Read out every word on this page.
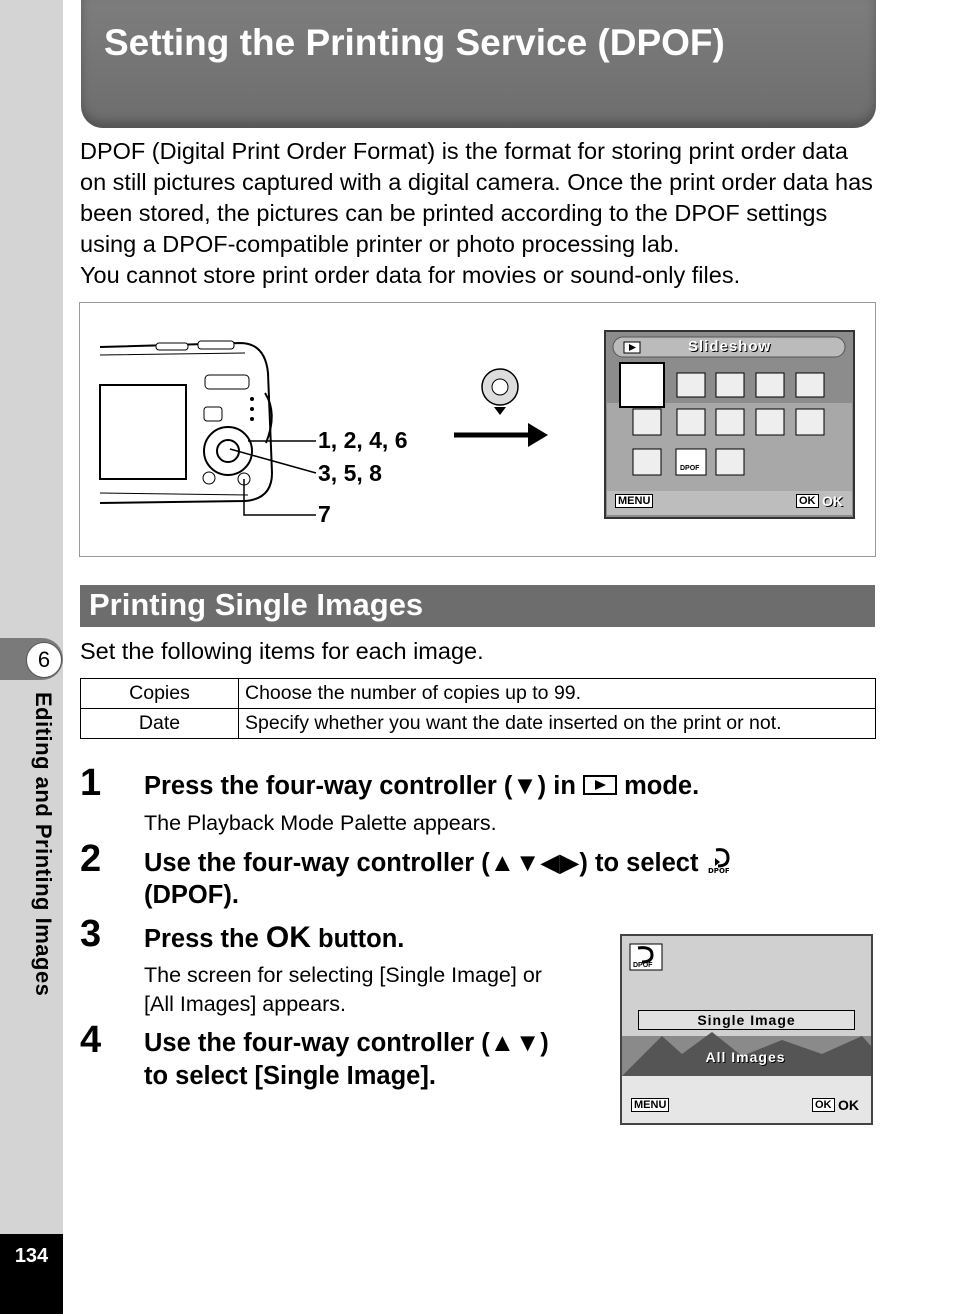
6
Editing and Printing Images
134
Setting the Printing Service (DPOF)

DPOF (Digital Print Order Format) is the format for storing print order data on still pictures captured with a digital camera. Once the print order data has been stored, the pictures can be printed according to the DPOF settings using a DPOF-compatible printer or photo processing lab.

You cannot store print order data for movies or sound-only files.

1, 2, 4, 6
3, 5, 8
7
Slideshow
DPOF
MENU	OK OK
Printing Single Images
Set the following items for each image.
Copies	Choose the number of copies up to 99.
Date	Specify whether you want the date inserted on the print or not.
1 Press the four-way controller (▼) in mode.
The Playback Mode Palette appears.
2 Use the four-way controller (▲▼◀▶) to select DPOF
(DPOF).
3 Press the OK button.
The screen for selecting [Single Image] or
[All Images] appears.
4 Use the four-way controller (▲▼)
to select [Single Image].
DPOF
Single Image
All Images
MENU	OK OK
